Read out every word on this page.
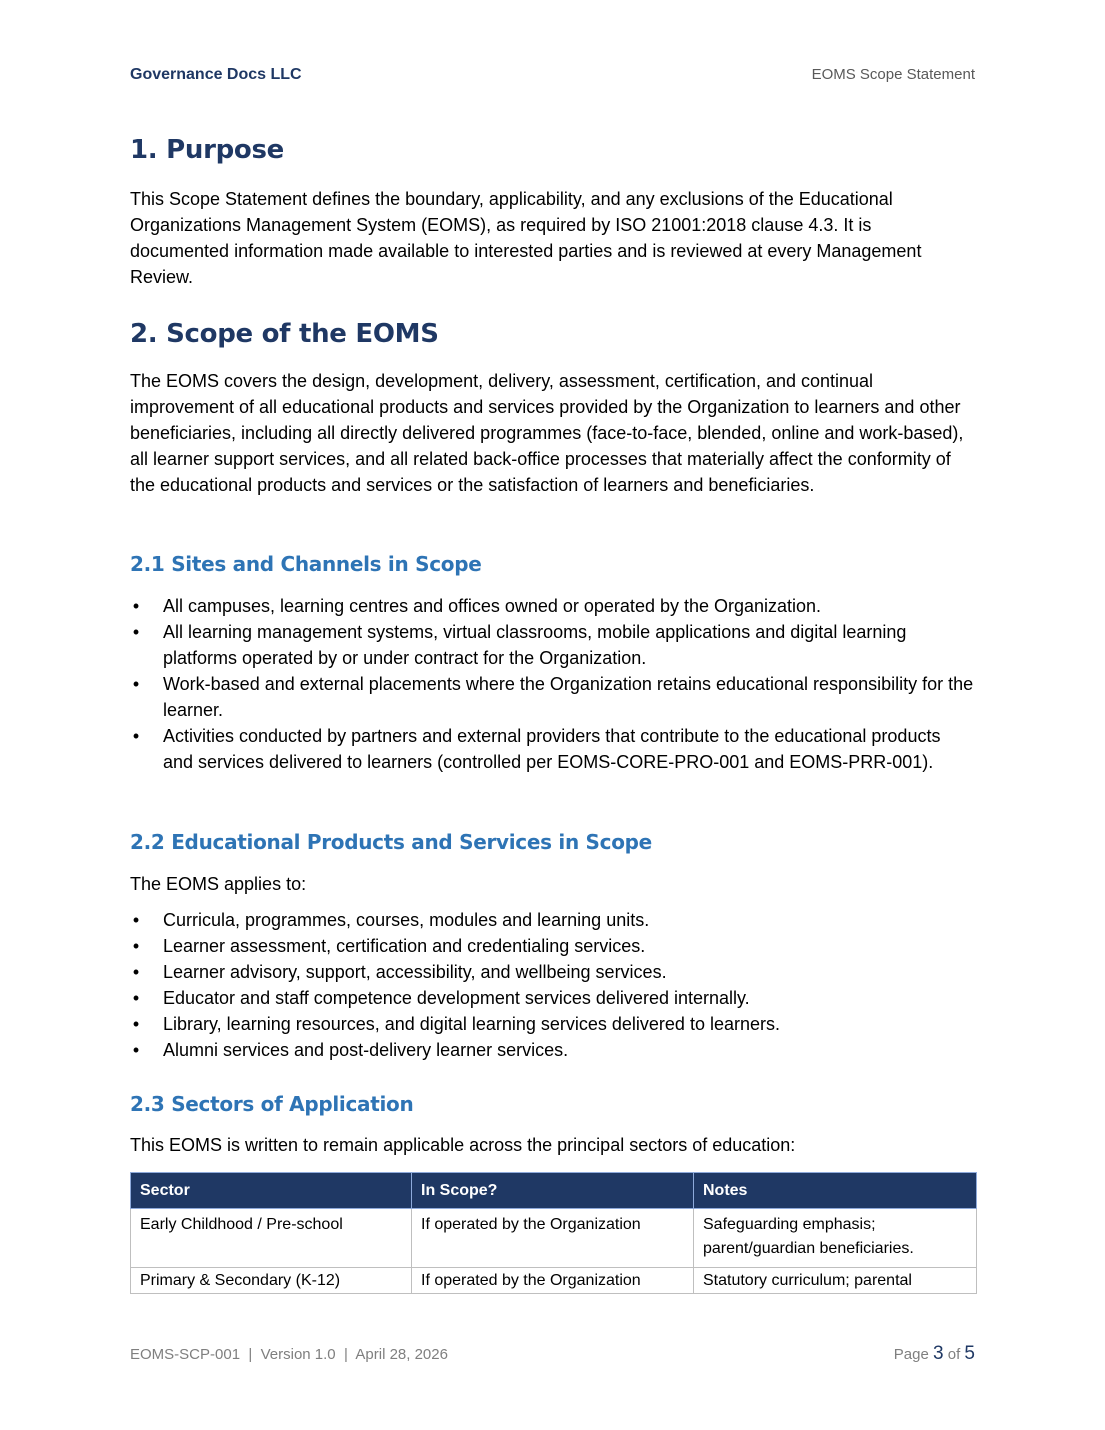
Governance Docs LLC	EOMS Scope Statement
1. Purpose

This Scope Statement defines the boundary, applicability, and any exclusions of the Educational Organizations Management System (EOMS), as required by ISO 21001:2018 clause 4.3. It is documented information made available to interested parties and is reviewed at every Management Review.

2. Scope of the EOMS

The EOMS covers the design, development, delivery, assessment, certification, and continual improvement of all educational products and services provided by the Organization to learners and other beneficiaries, including all directly delivered programmes (face-to-face, blended, online and work-based), all learner support services, and all related back-office processes that materially affect the conformity of the educational products and services or the satisfaction of learners and beneficiaries.

2.1 Sites and Channels in Scope
• All campuses, learning centres and offices owned or operated by the Organization.
• All learning management systems, virtual classrooms, mobile applications and digital learning platforms operated by or under contract for the Organization.
• Work-based and external placements where the Organization retains educational responsibility for the learner.
• Activities conducted by partners and external providers that contribute to the educational products and services delivered to learners (controlled per EOMS-CORE-PRO-001 and EOMS-PRR-001).
2.2 Educational Products and Services in Scope

The EOMS applies to:

• Curricula, programmes, courses, modules and learning units.
• Learner assessment, certification and credentialing services.
• Learner advisory, support, accessibility, and wellbeing services.
• Educator and staff competence development services delivered internally.
• Library, learning resources, and digital learning services delivered to learners.
• Alumni services and post-delivery learner services.
2.3 Sectors of Application

This EOMS is written to remain applicable across the principal sectors of education:

Sector	In Scope?	Notes
Early Childhood / Pre-school	If operated by the Organization	Safeguarding emphasis; parent/guardian beneficiaries.
Primary & Secondary (K-12)	If operated by the Organization	Statutory curriculum; parental
EOMS-SCP-001  |  Version 1.0  |  April 28, 2026	Page 3 of 5
